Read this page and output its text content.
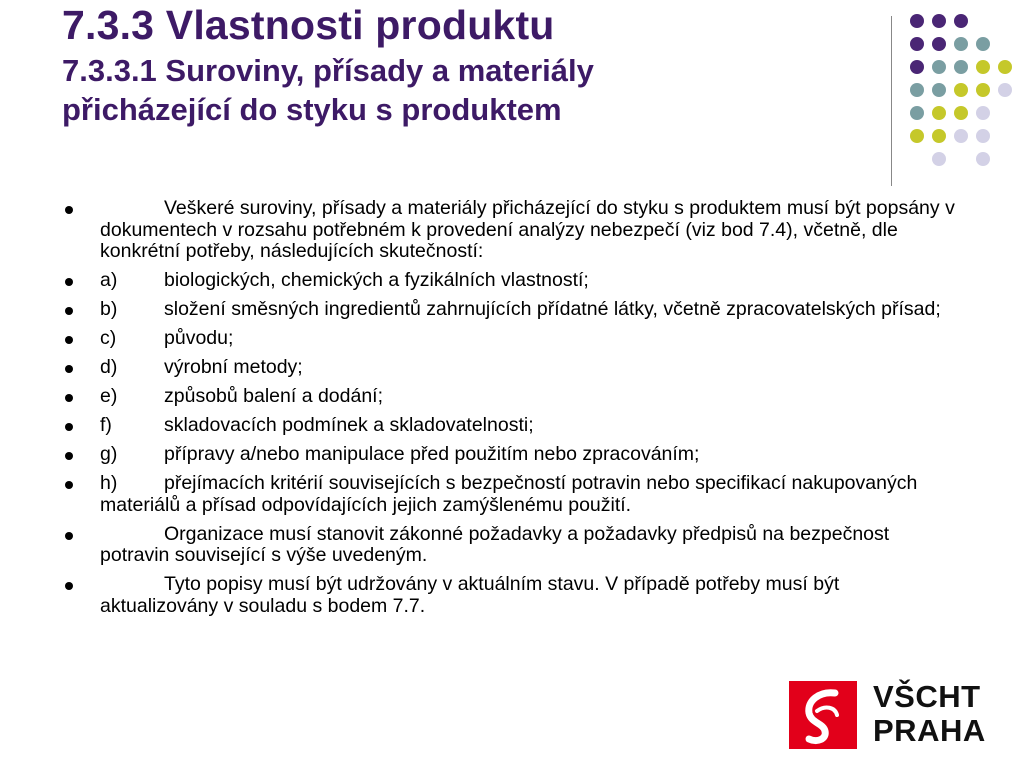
7.3.3 Vlastnosti produktu
7.3.3.1 Suroviny, přísady a materiály
přicházející do styku s produktem
Veškeré suroviny, přísady a materiály přicházející do styku s produktem musí být popsány v dokumentech v rozsahu potřebném k provedení analýzy nebezpečí (viz bod 7.4), včetně, dle konkrétní potřeby, následujících skutečností:
a) biologických, chemických a fyzikálních vlastností;
b) složení směsných ingredientů zahrnujících přídatné látky, včetně zpracovatelských přísad;
c) původu;
d) výrobní metody;
e) způsobů balení a dodání;
f)	skladovacích podmínek a skladovatelnosti;
g) přípravy a/nebo manipulace před použitím nebo zpracováním;
h) přejímacích kritérií souvisejících s bezpečností potravin nebo specifikací nakupovaných materiálů a přísad odpovídajících jejich zamýšlenému použití.
Organizace musí stanovit zákonné požadavky a požadavky předpisů na bezpečnost potravin související s výše uvedeným.
Tyto popisy musí být udržovány v aktuálním stavu. V případě potřeby musí být aktualizovány v souladu s bodem 7.7.
VŠCHT
PRAHA
